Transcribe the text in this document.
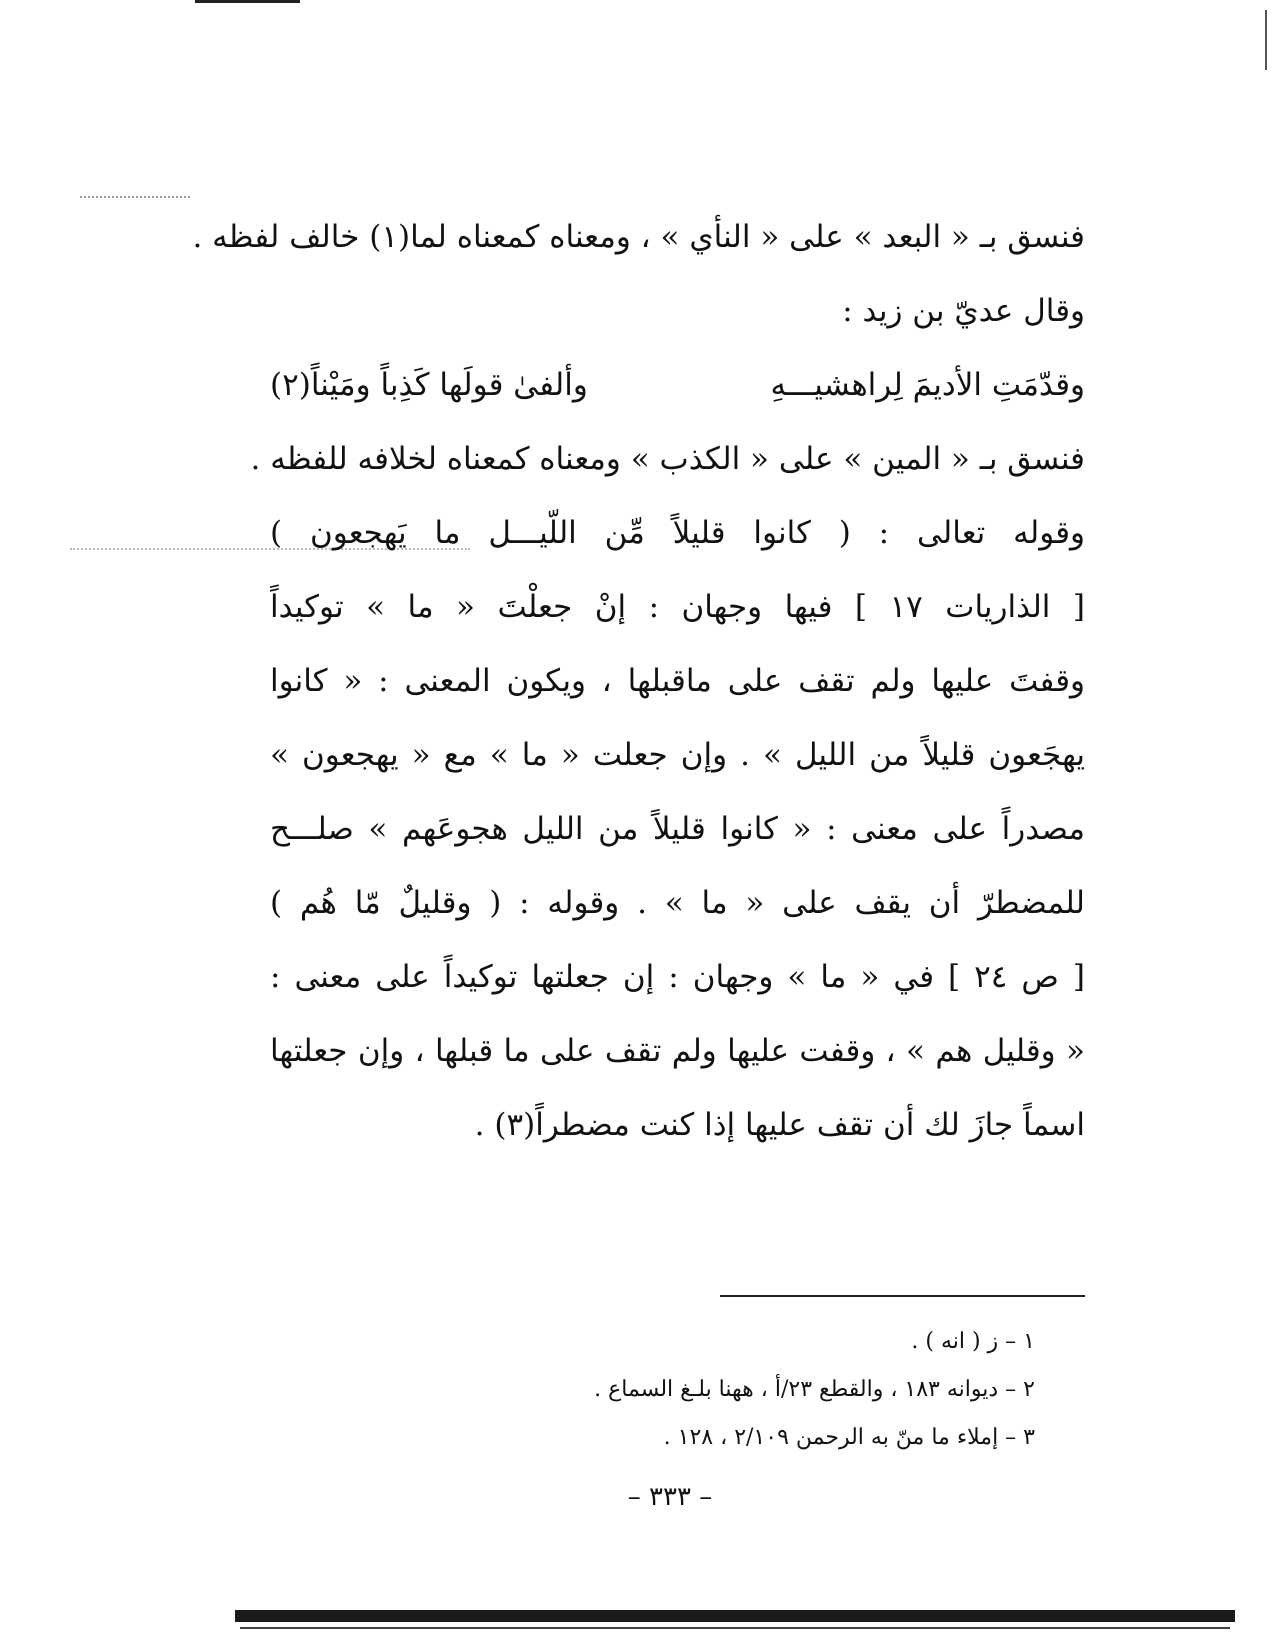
فنسق بـ « البعد » على « النأي » ، ومعناه كمعناه لما(١) خالف لفظه .
وقال عديّ بن زيد :
وقدّمَتِ الأديمَ لِراهشيـــهِ
وألفىٰ قولَها كَذِباً ومَيْناً(٢)
فنسق بـ « المين » على « الكذب » ومعناه كمعناه لخلافه للفظه .
وقوله تعالى : ( كانوا قليلاً مِّن اللّيـــل ما يَهجعون )
[ الذاريات ١٧ ] فيها وجهان : إنْ جعلْتَ « ما » توكيداً
وقفتَ عليها ولم تقف على ماقبلها ، ويكون المعنى : « كانوا
يهجَعون قليلاً من الليل » . وإن جعلت « ما » مع « يهجعون »
مصدراً على معنى : « كانوا قليلاً من الليل هجوعَهم » صلـــح
للمضطرّ أن يقف على « ما » . وقوله : ( وقليلٌ مّا هُم )
[ ص ٢٤ ] في « ما » وجهان : إن جعلتها توكيداً على معنى :
« وقليل هم » ، وقفت عليها ولم تقف على ما قبلها ، وإن جعلتها
اسماً جازَ لك أن تقف عليها إذا كنت مضطراً(٣) .
١ – ز ( انه ) .
٢ – ديوانه ١٨٣ ، والقطع ٢٣/أ ، ههنا بلـغ السماع .
٣ – إملاء ما منّ به الرحمن ٢/١٠٩ ، ١٢٨ .
– ٣٣٣ –
